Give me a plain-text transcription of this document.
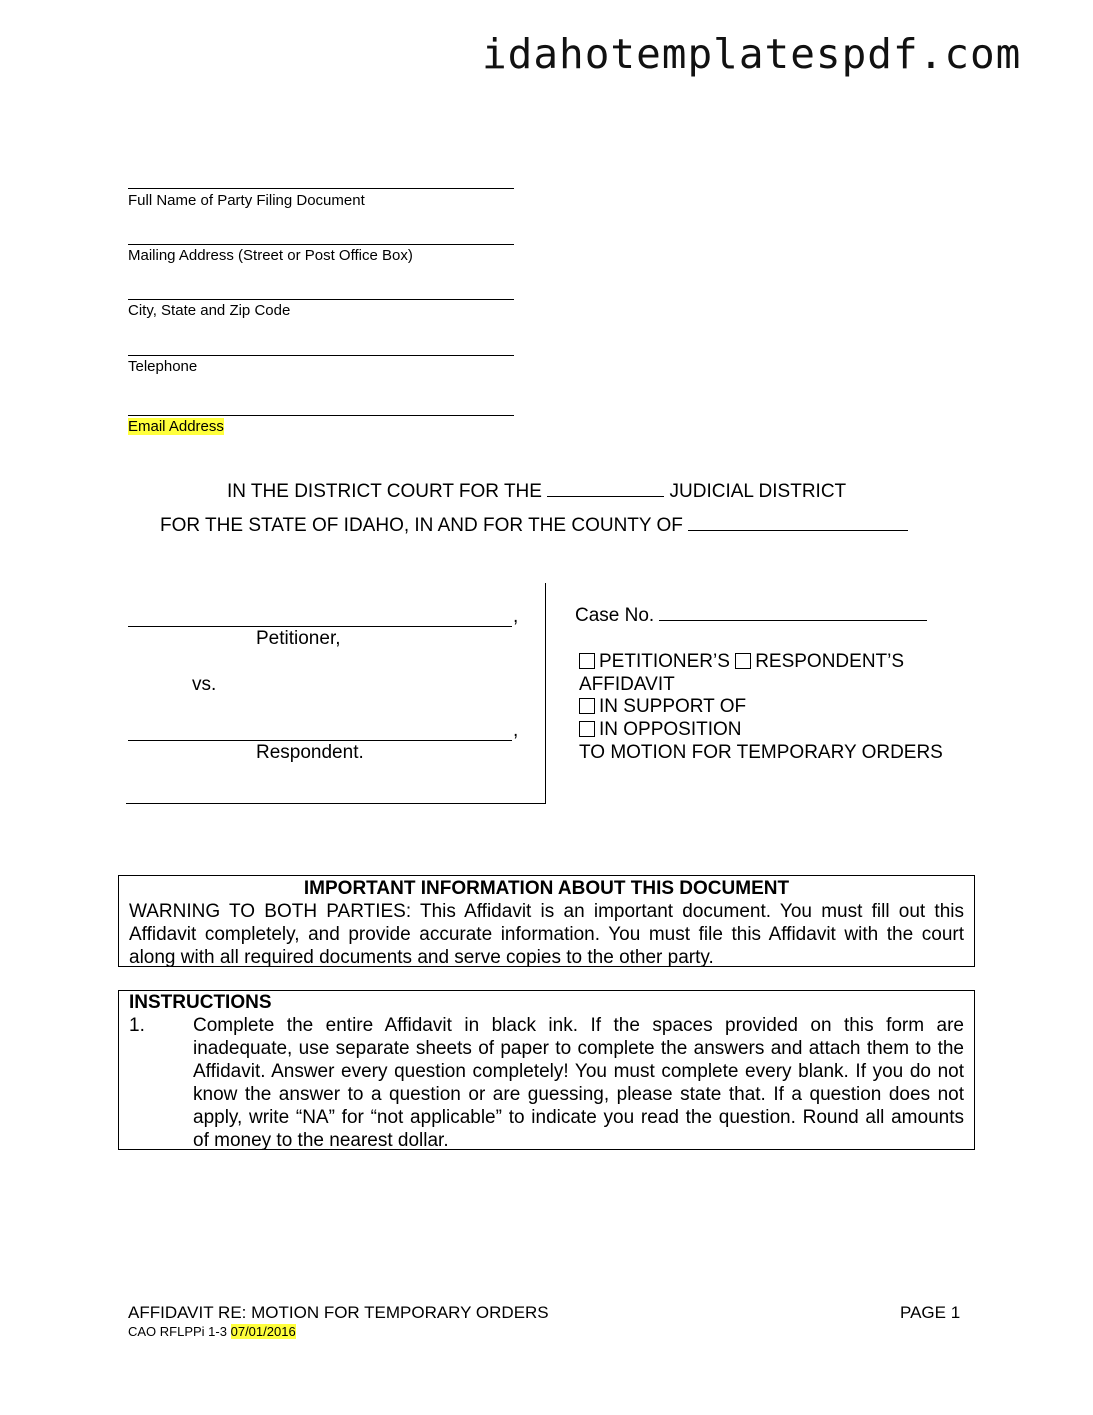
idahotemplatespdf.com
Full Name of Party Filing Document
Mailing Address (Street or Post Office Box)
City, State and Zip Code
Telephone
Email Address
IN THE DISTRICT COURT FOR THE	JUDICIAL DISTRICT
FOR THE STATE OF IDAHO, IN AND FOR THE COUNTY OF
,
Petitioner,
vs.
,
Respondent.
Case No.
PETITIONER’S RESPONDENT’S
AFFIDAVIT
IN SUPPORT OF
IN OPPOSITION
TO MOTION FOR TEMPORARY ORDERS
IMPORTANT INFORMATION ABOUT THIS DOCUMENT
WARNING TO BOTH PARTIES: This Affidavit is an important document. You must fill out this Affidavit completely, and provide accurate information. You must file this Affidavit with the court along with all required documents and serve copies to the other party.
INSTRUCTIONS
1.	Complete the entire Affidavit in black ink. If the spaces provided on this form are inadequate, use separate sheets of paper to complete the answers and attach them to the Affidavit. Answer every question completely! You must complete every blank. If you do not know the answer to a question or are guessing, please state that. If a question does not apply, write “NA” for “not applicable” to indicate you read the question. Round all amounts of money to the nearest dollar.
AFFIDAVIT RE: MOTION FOR TEMPORARY ORDERS	PAGE 1
CAO RFLPPi 1-3 07/01/2016
